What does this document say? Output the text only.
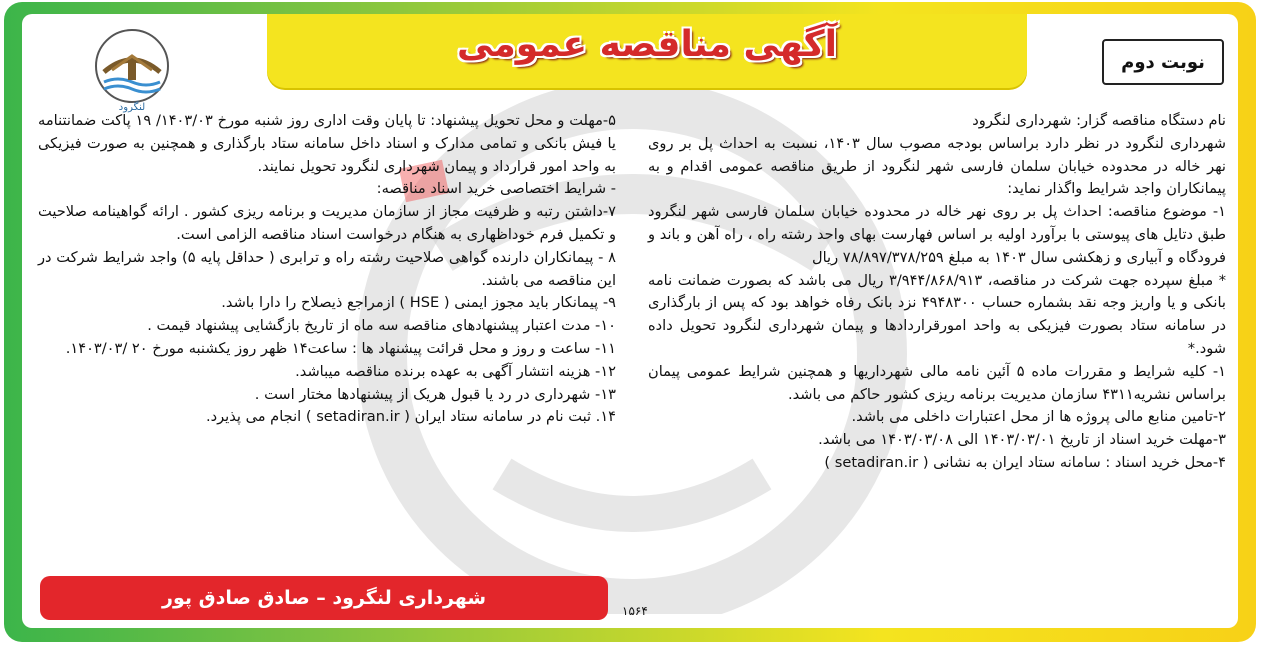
آگهی مناقصه عمومی	نوبت دوم
لنگرود

نام دستگاه مناقصه گزار: شهرداری لنگرود

شهرداری لنگرود در نظر دارد براساس بودجه مصوب سال ۱۴۰۳، نسبت به احداث پل بر روی نهر خاله در محدوده خیابان سلمان فارسی شهر لنگرود از طریق مناقصه عمومی اقدام و به پیمانکاران واجد شرایط واگذار نماید:

۱- موضوع مناقصه: احداث پل بر روی نهر خاله در محدوده خیابان سلمان فارسی شهر لنگرود طبق دتایل های پیوستی با برآورد اولیه بر اساس فهارست بهای واحد رشته راه ، راه آهن و باند و فرودگاه و آبیاری و زهکشی سال ۱۴۰۳ به مبلغ ۷۸/۸۹۷/۳۷۸/۲۵۹ ریال

* مبلغ سپرده جهت شرکت در مناقصه، ۳/۹۴۴/۸۶۸/۹۱۳ ریال می باشد که بصورت ضمانت نامه بانکی و یا واریز وجه نقد بشماره حساب ۴۹۴۸۳۰۰ نزد بانک رفاه خواهد بود که پس از بارگذاری در سامانه ستاد بصورت فیزیکی به واحد امورقراردادها و پیمان شهرداری لنگرود تحویل داده شود.*

۱- کلیه شرایط و مقررات ماده ۵ آئین نامه مالی شهرداریها و همچنین شرایط عمومی پیمان براساس نشریه۴۳۱۱ سازمان مدیریت برنامه ریزی کشور حاکم می باشد.

۲-تامین منابع مالی پروژه ها از محل اعتبارات داخلی می باشد.

۳-مهلت خرید اسناد از تاریخ ۱۴۰۳/۰۳/۰۱ الی ۱۴۰۳/۰۳/۰۸ می باشد.

۴-محل خرید اسناد : سامانه ستاد ایران به نشانی ( setadiran.ir )

۵-مهلت و محل تحویل پیشنهاد: تا پایان وقت اداری روز شنبه مورخ ۱۴۰۳/۰۳/ ۱۹ پاکت ضمانتنامه یا فیش بانکی و تمامی مدارک و اسناد داخل سامانه ستاد بارگذاری و همچنین به صورت فیزیکی به واحد امور قرارداد و پیمان شهرداری لنگرود تحویل نمایند.

- شرایط اختصاصی خرید اسناد مناقصه:

۷-داشتن رتبه و ظرفیت مجاز از سازمان مدیریت و برنامه ریزی کشور . ارائه گواهینامه صلاحیت و تکمیل فرم خوداظهاری به هنگام درخواست اسناد مناقصه الزامی است.

۸ - پیمانکاران دارنده گواهی صلاحیت رشته راه و ترابری ( حداقل پایه ۵) واجد شرایط شرکت در این مناقصه می باشند.

۹- پیمانکار باید مجوز ایمنی ( HSE ) ازمراجع ذیصلاح را دارا باشد.

۱۰- مدت اعتبار پیشنهادهای مناقصه سه ماه از تاریخ بازگشایی پیشنهاد قیمت .

۱۱- ساعت و روز و محل قرائت پیشنهاد ها : ساعت۱۴ ظهر روز یکشنبه مورخ ۲۰ /۱۴۰۳/۰۳.

۱۲- هزینه انتشار آگهی به عهده برنده مناقصه میباشد.

۱۳- شهرداری در رد یا قبول هریک از پیشنهادها مختار است .

۱۴. ثبت نام در سامانه ستاد ایران ( setadiran.ir ) انجام می پذیرد.

شهرداری لنگرود – صادق صادق پور
۱۵۶۴
